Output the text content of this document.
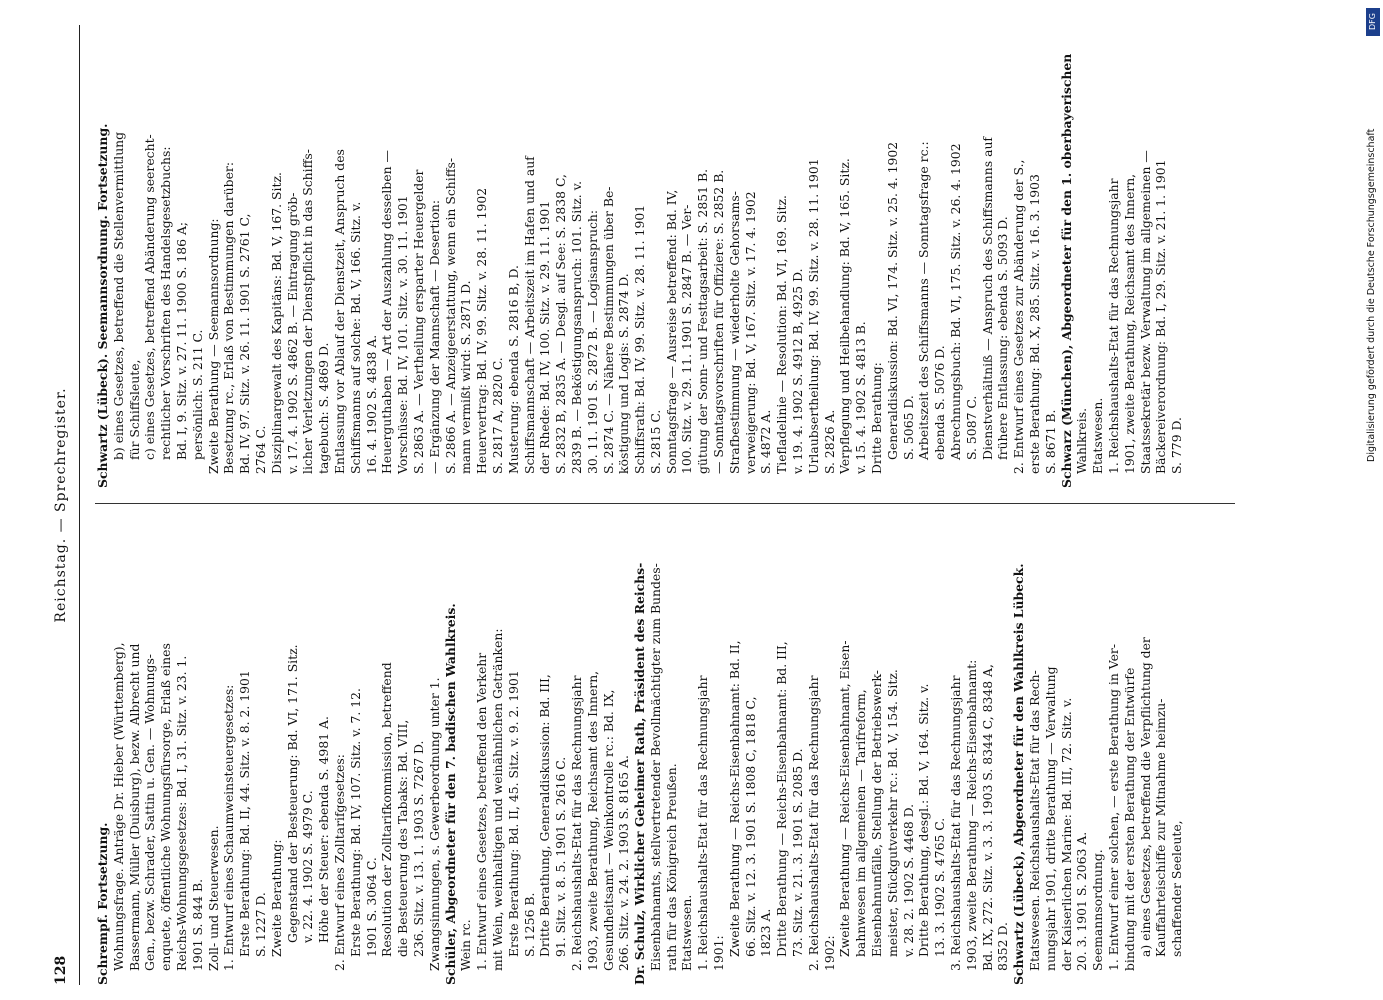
128
Reichstag. — Sprechregister.
Schrempf. Fortsetzung. Wohnungsfrage. Anträge Dr. Hieber (Württemberg), Bassermann, Müller (Duisburg), bezw. Albrecht und Gen., bezw. Schrader, Sattin u. Gen. — Wohnungs- enquete, öffentliche Wohnungsfürsorge, Erlaß eines Reichs-Wohnungsgesetzes: Bd. I, 31. Sitz. v. 23. 1. 1901 S. 844 B. Zoll- und Steuerwesen. 1. Entwurf eines Schaumweinsteuergesetzes: Erste Berathung: Bd. II, 44. Sitz. v. 8. 2. 1901 S. 1227 D. Zweite Berathung: Gegenstand der Besteuerung: Bd. VI, 171. Sitz. v. 22. 4. 1902 S. 4979 C. Höhe der Steuer: ebenda S. 4981 A. 2. Entwurf eines Zolltarifgesetzes: Erste Berathung: Bd. IV, 107. Sitz. v. 7. 12. 1901 S. 3064 C. Resolution der Zolltarifkommission, betreffend die Besteuerung des Tabaks: Bd. VIII, 236. Sitz. v. 13. 1. 1903 S. 7267 D. Zwangsinnungen, s. Gewerbeordnung unter 1. Schüler, Abgeordneter für den 7. badischen Wahlkreis. Wein rc. 1. Entwurf eines Gesetzes, betreffend den Verkehr mit Wein, weinhaltigen und weinähnlichen Getränken: Erste Berathung: Bd. II, 45. Sitz. v. 9. 2. 1901 S. 1256 B. Dritte Berathung, Generaldiskussion: Bd. III, 91. Sitz. v. 8. 5. 1901 S. 2616 C. 2. Reichshaushalts-Etat für das Rechnungsjahr 1903, zweite Berathung, Reichsamt des Innern, Gesundheitsamt — Weinkontrolle rc.: Bd. IX, 266. Sitz. v. 24. 2. 1903 S. 8165 A. Dr. Schulz, Wirklicher Geheimer Rath, Präsident des Reichs- Eisenbahnamts, stellvertretender Bevollmächtigter zum Bundes- rath für das Königreich Preußen. Etatswesen. 1. Reichshaushalts-Etat für das Rechnungsjahr 1901: Zweite Berathung — Reichs-Eisenbahnamt: Bd. II, 66. Sitz. v. 12. 3. 1901 S. 1808 C, 1818 C, 1823 A. Dritte Berathung — Reichs-Eisenbahnamt: Bd. III, 73. Sitz. v. 21. 3. 1901 S. 2085 D. 2. Reichshaushalts-Etat für das Rechnungsjahr 1902: Zweite Berathung — Reichs-Eisenbahnamt, Eisen- bahnwesen im allgemeinen — Tarifreform, Eisenbahnunfälle, Stellung der Betriebswerk- meister, Stückgutverkehr rc.: Bd. V, 154. Sitz. v. 28. 2. 1902 S. 4468 D. Dritte Berathung, desgl.: Bd. V, 164. Sitz. v. 13. 3. 1902 S. 4765 C. 3. Reichshaushalts-Etat für das Rechnungsjahr 1903, zweite Berathung — Reichs-Eisenbahnamt: Bd. IX, 272. Sitz. v. 3. 3. 1903 S. 8344 C, 8348 A, 8352 D. Schwartz (Lübeck), Abgeordneter für den Wahlkreis Lübeck. Etatswesen. Reichshaushalts-Etat für das Rech- nungsjahr 1901, dritte Berathung — Verwaltung der Kaiserlichen Marine: Bd. III, 72. Sitz. v. 20. 3. 1901 S. 2063 A. Seemannsordnung. 1. Entwurf einer solchen, — erste Berathung in Ver- bindung mit der ersten Berathung der Entwürfe a) eines Gesetzes, betreffend die Verpflichtung der Kauffahrteischiffe zur Mitnahme heimzu- schaffender Seeleute,
Schwartz (Lübeck). Seemannsordnung. Fortsetzung. b) eines Gesetzes, betreffend die Stellenvermittlung für Schiffsleute, c) eines Gesetzes, betreffend Abänderung seerecht- rechtlicher Vorschriften des Handelsgesetzbuchs: Bd. I, 9. Sitz. v. 27. 11. 1900 S. 186 A; persönlich: S. 211 C. Zweite Berathung — Seemannsordnung: Besetzung rc., Erlaß von Bestimmungen darüber: Bd. IV, 97. Sitz. v. 26. 11. 1901 S. 2761 C, 2764 C. Disziplinargewalt des Kapitäns: Bd. V, 167. Sitz. v. 17. 4. 1902 S. 4862 B. — Eintragung gröb- licher Verletzungen der Dienstpflicht in das Schiffs- tagebuch: S. 4869 D. Entlassung vor Ablauf der Dienstzeit, Anspruch des Schiffsmanns auf solche: Bd. V, 166. Sitz. v. 16. 4. 1902 S. 4838 A. Heuerguthaben — Art der Auszahlung desselben — Vorschüsse: Bd. IV, 101. Sitz. v. 30. 11. 1901 S. 2863 A. — Vertheilung ersparter Heuergelder — Ergänzung der Mannschaft — Desertion: S. 2866 A. — Anzeigeerstattung, wenn ein Schiffs- mann vermißt wird: S. 2871 D. Heuervertrag: Bd. IV, 99. Sitz. v. 28. 11. 1902 S. 2817 A, 2820 C. Musterung: ebenda S. 2816 B, D. Schiffsmannschaft — Arbeitszeit im Hafen und auf der Rhede: Bd. IV, 100. Sitz. v. 29. 11. 1901 S. 2832 B, 2835 A. — Desgl. auf See: S. 2838 C, 2839 B. — Beköstigungsanspruch: 101. Sitz. v. 30. 11. 1901 S. 2872 B. — Logisanspruch: S. 2874 C. — Nähere Bestimmungen über Be- köstigung und Logis: S. 2874 D. Schiffsrath: Bd. IV, 99. Sitz. v. 28. 11. 1901 S. 2815 C. Sonntagsfrage — Ausreise betreffend: Bd. IV, 100. Sitz. v. 29. 11. 1901 S. 2847 B. — Ver- gütung der Sonn- und Festtagsarbeit: S. 2851 B. — Sonntagsvorschriften für Offiziere: S. 2852 B. Strafbestimmung — wiederholte Gehorsams- verweigerung: Bd. V, 167. Sitz. v. 17. 4. 1902 S. 4872 A. Tiefladelinie — Resolution: Bd. VI, 169. Sitz. v. 19. 4. 1902 S. 4912 B, 4925 D. Urlaubsertheilung: Bd. IV, 99. Sitz. v. 28. 11. 1901 S. 2826 A. Verpflegung und Heilbehandlung: Bd. V, 165. Sitz. v. 15. 4. 1902 S. 4813 B. Dritte Berathung: Generaldiskussion: Bd. VI, 174. Sitz. v. 25. 4. 1902 S. 5065 D. Arbeitszeit des Schiffsmanns — Sonntagsfrage rc.: ebenda S. 5076 D. Abrechnungsbuch: Bd. VI, 175. Sitz. v. 26. 4. 1902 S. 5087 C. Dienstverhältniß — Anspruch des Schiffsmanns auf frühere Entlassung: ebenda S. 5093 D. 2. Entwurf eines Gesetzes zur Abänderung der S., erste Berathung: Bd. X, 285. Sitz. v. 16. 3. 1903 S. 8671 B. Schwarz (München), Abgeordneter für den 1. oberbayerischen Wahlkreis. Etatswesen. 1. Reichshaushalts-Etat für das Rechnungsjahr 1901, zweite Berathung, Reichsamt des Innern, Staatssekretär bezw. Verwaltung im allgemeinen — Bäckereiverordnung: Bd. I, 29. Sitz. v. 21. 1. 1901 S. 779 D.
DFG
Digitalisierung gefördert durch die Deutsche Forschungsgemeinschaft
